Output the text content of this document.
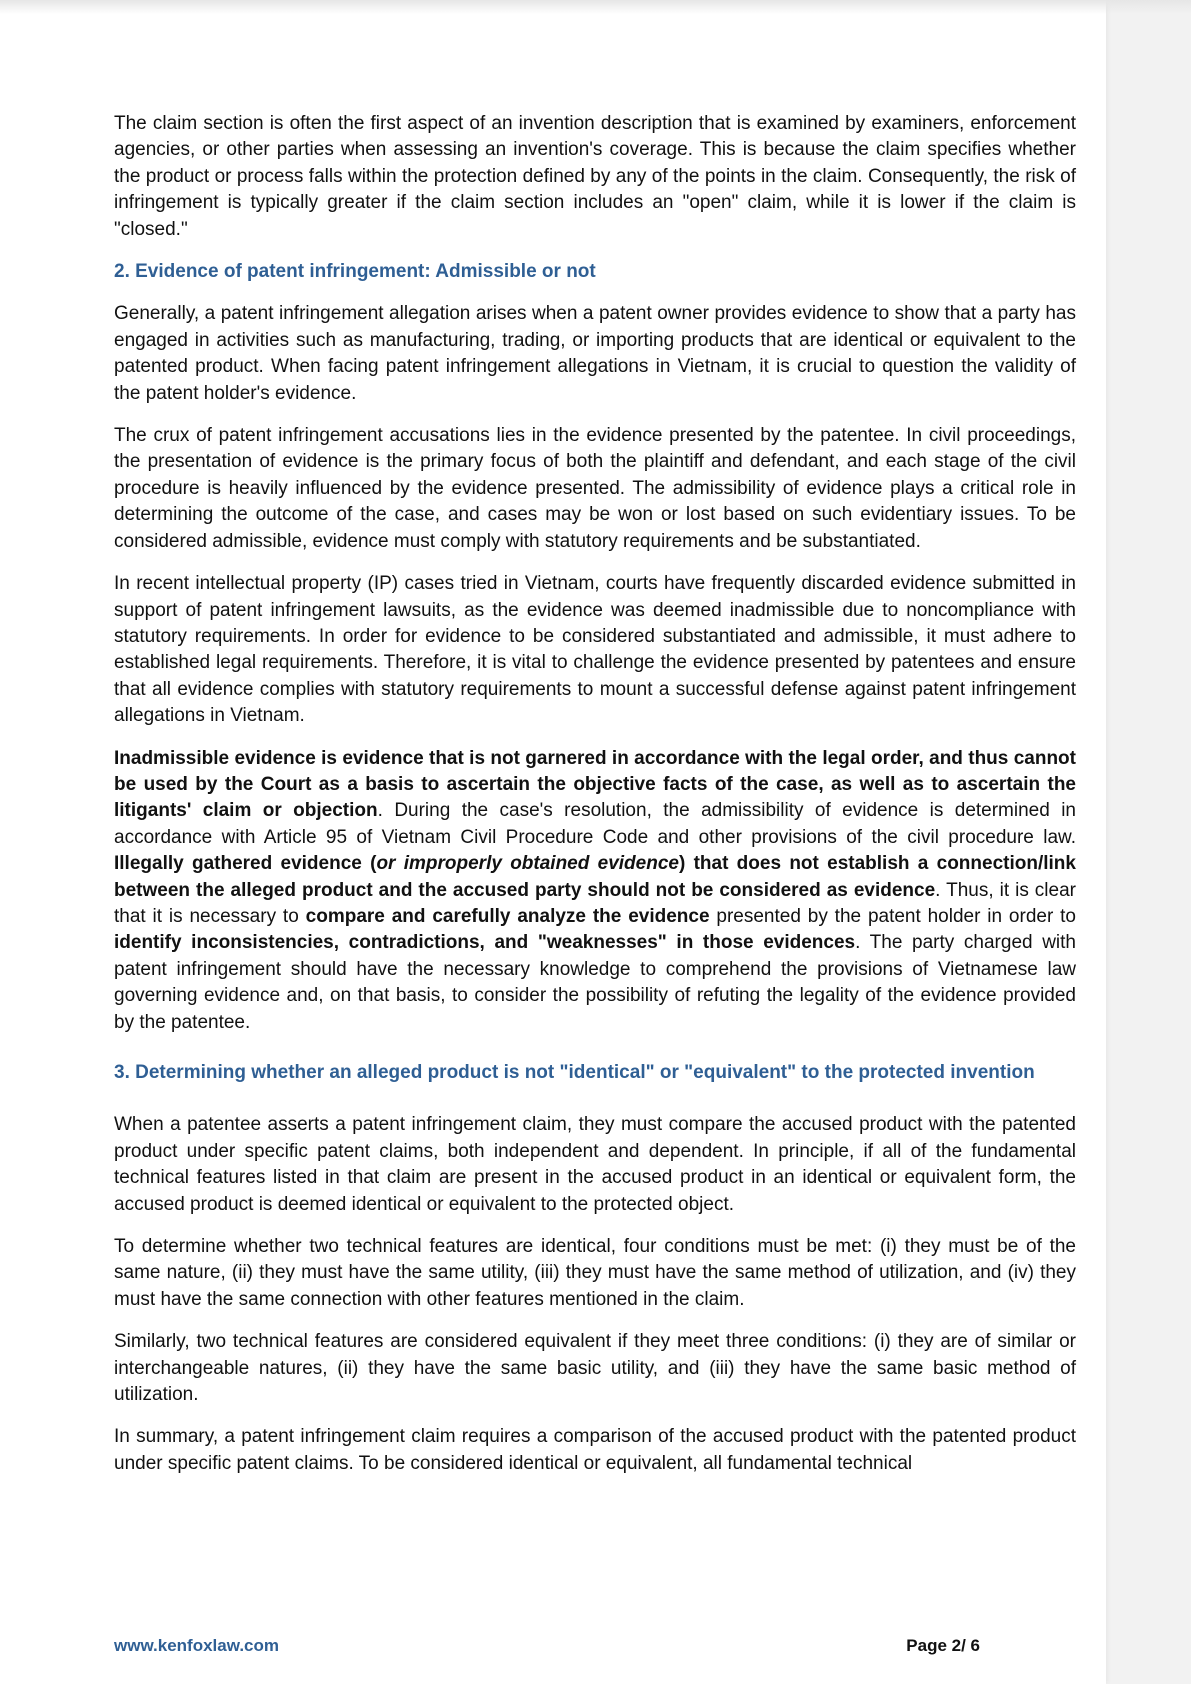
The claim section is often the first aspect of an invention description that is examined by examiners, enforcement agencies, or other parties when assessing an invention's coverage. This is because the claim specifies whether the product or process falls within the protection defined by any of the points in the claim. Consequently, the risk of infringement is typically greater if the claim section includes an "open" claim, while it is lower if the claim is "closed."

2. Evidence of patent infringement: Admissible or not

Generally, a patent infringement allegation arises when a patent owner provides evidence to show that a party has engaged in activities such as manufacturing, trading, or importing products that are identical or equivalent to the patented product. When facing patent infringement allegations in Vietnam, it is crucial to question the validity of the patent holder's evidence.

The crux of patent infringement accusations lies in the evidence presented by the patentee. In civil proceedings, the presentation of evidence is the primary focus of both the plaintiff and defendant, and each stage of the civil procedure is heavily influenced by the evidence presented. The admissibility of evidence plays a critical role in determining the outcome of the case, and cases may be won or lost based on such evidentiary issues. To be considered admissible, evidence must comply with statutory requirements and be substantiated.

In recent intellectual property (IP) cases tried in Vietnam, courts have frequently discarded evidence submitted in support of patent infringement lawsuits, as the evidence was deemed inadmissible due to noncompliance with statutory requirements. In order for evidence to be considered substantiated and admissible, it must adhere to established legal requirements. Therefore, it is vital to challenge the evidence presented by patentees and ensure that all evidence complies with statutory requirements to mount a successful defense against patent infringement allegations in Vietnam.

Inadmissible evidence is evidence that is not garnered in accordance with the legal order, and thus cannot be used by the Court as a basis to ascertain the objective facts of the case, as well as to ascertain the litigants' claim or objection. During the case's resolution, the admissibility of evidence is determined in accordance with Article 95 of Vietnam Civil Procedure Code and other provisions of the civil procedure law. Illegally gathered evidence (or improperly obtained evidence) that does not establish a connection/link between the alleged product and the accused party should not be considered as evidence. Thus, it is clear that it is necessary to compare and carefully analyze the evidence presented by the patent holder in order to identify inconsistencies, contradictions, and "weaknesses" in those evidences. The party charged with patent infringement should have the necessary knowledge to comprehend the provisions of Vietnamese law governing evidence and, on that basis, to consider the possibility of refuting the legality of the evidence provided by the patentee.

3. Determining whether an alleged product is not "identical" or "equivalent" to the protected invention

When a patentee asserts a patent infringement claim, they must compare the accused product with the patented product under specific patent claims, both independent and dependent. In principle, if all of the fundamental technical features listed in that claim are present in the accused product in an identical or equivalent form, the accused product is deemed identical or equivalent to the protected object.

To determine whether two technical features are identical, four conditions must be met: (i) they must be of the same nature, (ii) they must have the same utility, (iii) they must have the same method of utilization, and (iv) they must have the same connection with other features mentioned in the claim.

Similarly, two technical features are considered equivalent if they meet three conditions: (i) they are of similar or interchangeable natures, (ii) they have the same basic utility, and (iii) they have the same basic method of utilization.

In summary, a patent infringement claim requires a comparison of the accused product with the patented product under specific patent claims. To be considered identical or equivalent, all fundamental technical

www.kenfoxlaw.com	Page 2/ 6
